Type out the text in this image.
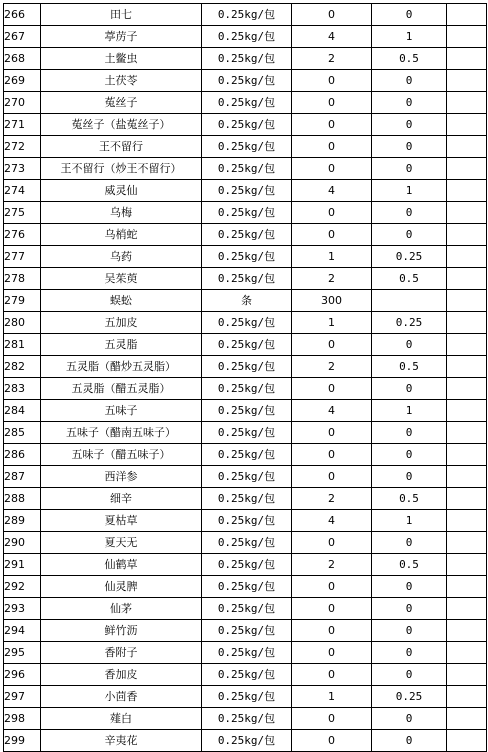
266	田七	0.25kg/包	0	0	
267	葶苈子	0.25kg/包	4	1	
268	土鳖虫	0.25kg/包	2	0.5	
269	土茯苓	0.25kg/包	0	0	
270	菟丝子	0.25kg/包	0	0	
271	菟丝子（盐菟丝子）	0.25kg/包	0	0	
272	王不留行	0.25kg/包	0	0	
273	王不留行（炒王不留行）	0.25kg/包	0	0	
274	威灵仙	0.25kg/包	4	1	
275	乌梅	0.25kg/包	0	0	
276	乌梢蛇	0.25kg/包	0	0	
277	乌药	0.25kg/包	1	0.25	
278	吴茱萸	0.25kg/包	2	0.5	
279	蜈蚣	条	300		
280	五加皮	0.25kg/包	1	0.25	
281	五灵脂	0.25kg/包	0	0	
282	五灵脂（醋炒五灵脂）	0.25kg/包	2	0.5	
283	五灵脂（醋五灵脂）	0.25kg/包	0	0	
284	五味子	0.25kg/包	4	1	
285	五味子（醋南五味子）	0.25kg/包	0	0	
286	五味子（醋五味子）	0.25kg/包	0	0	
287	西洋参	0.25kg/包	0	0	
288	细辛	0.25kg/包	2	0.5	
289	夏枯草	0.25kg/包	4	1	
290	夏天无	0.25kg/包	0	0	
291	仙鹤草	0.25kg/包	2	0.5	
292	仙灵脾	0.25kg/包	0	0	
293	仙茅	0.25kg/包	0	0	
294	鲜竹沥	0.25kg/包	0	0	
295	香附子	0.25kg/包	0	0	
296	香加皮	0.25kg/包	0	0	
297	小茴香	0.25kg/包	1	0.25	
298	薤白	0.25kg/包	0	0	
299	辛夷花	0.25kg/包	0	0	
